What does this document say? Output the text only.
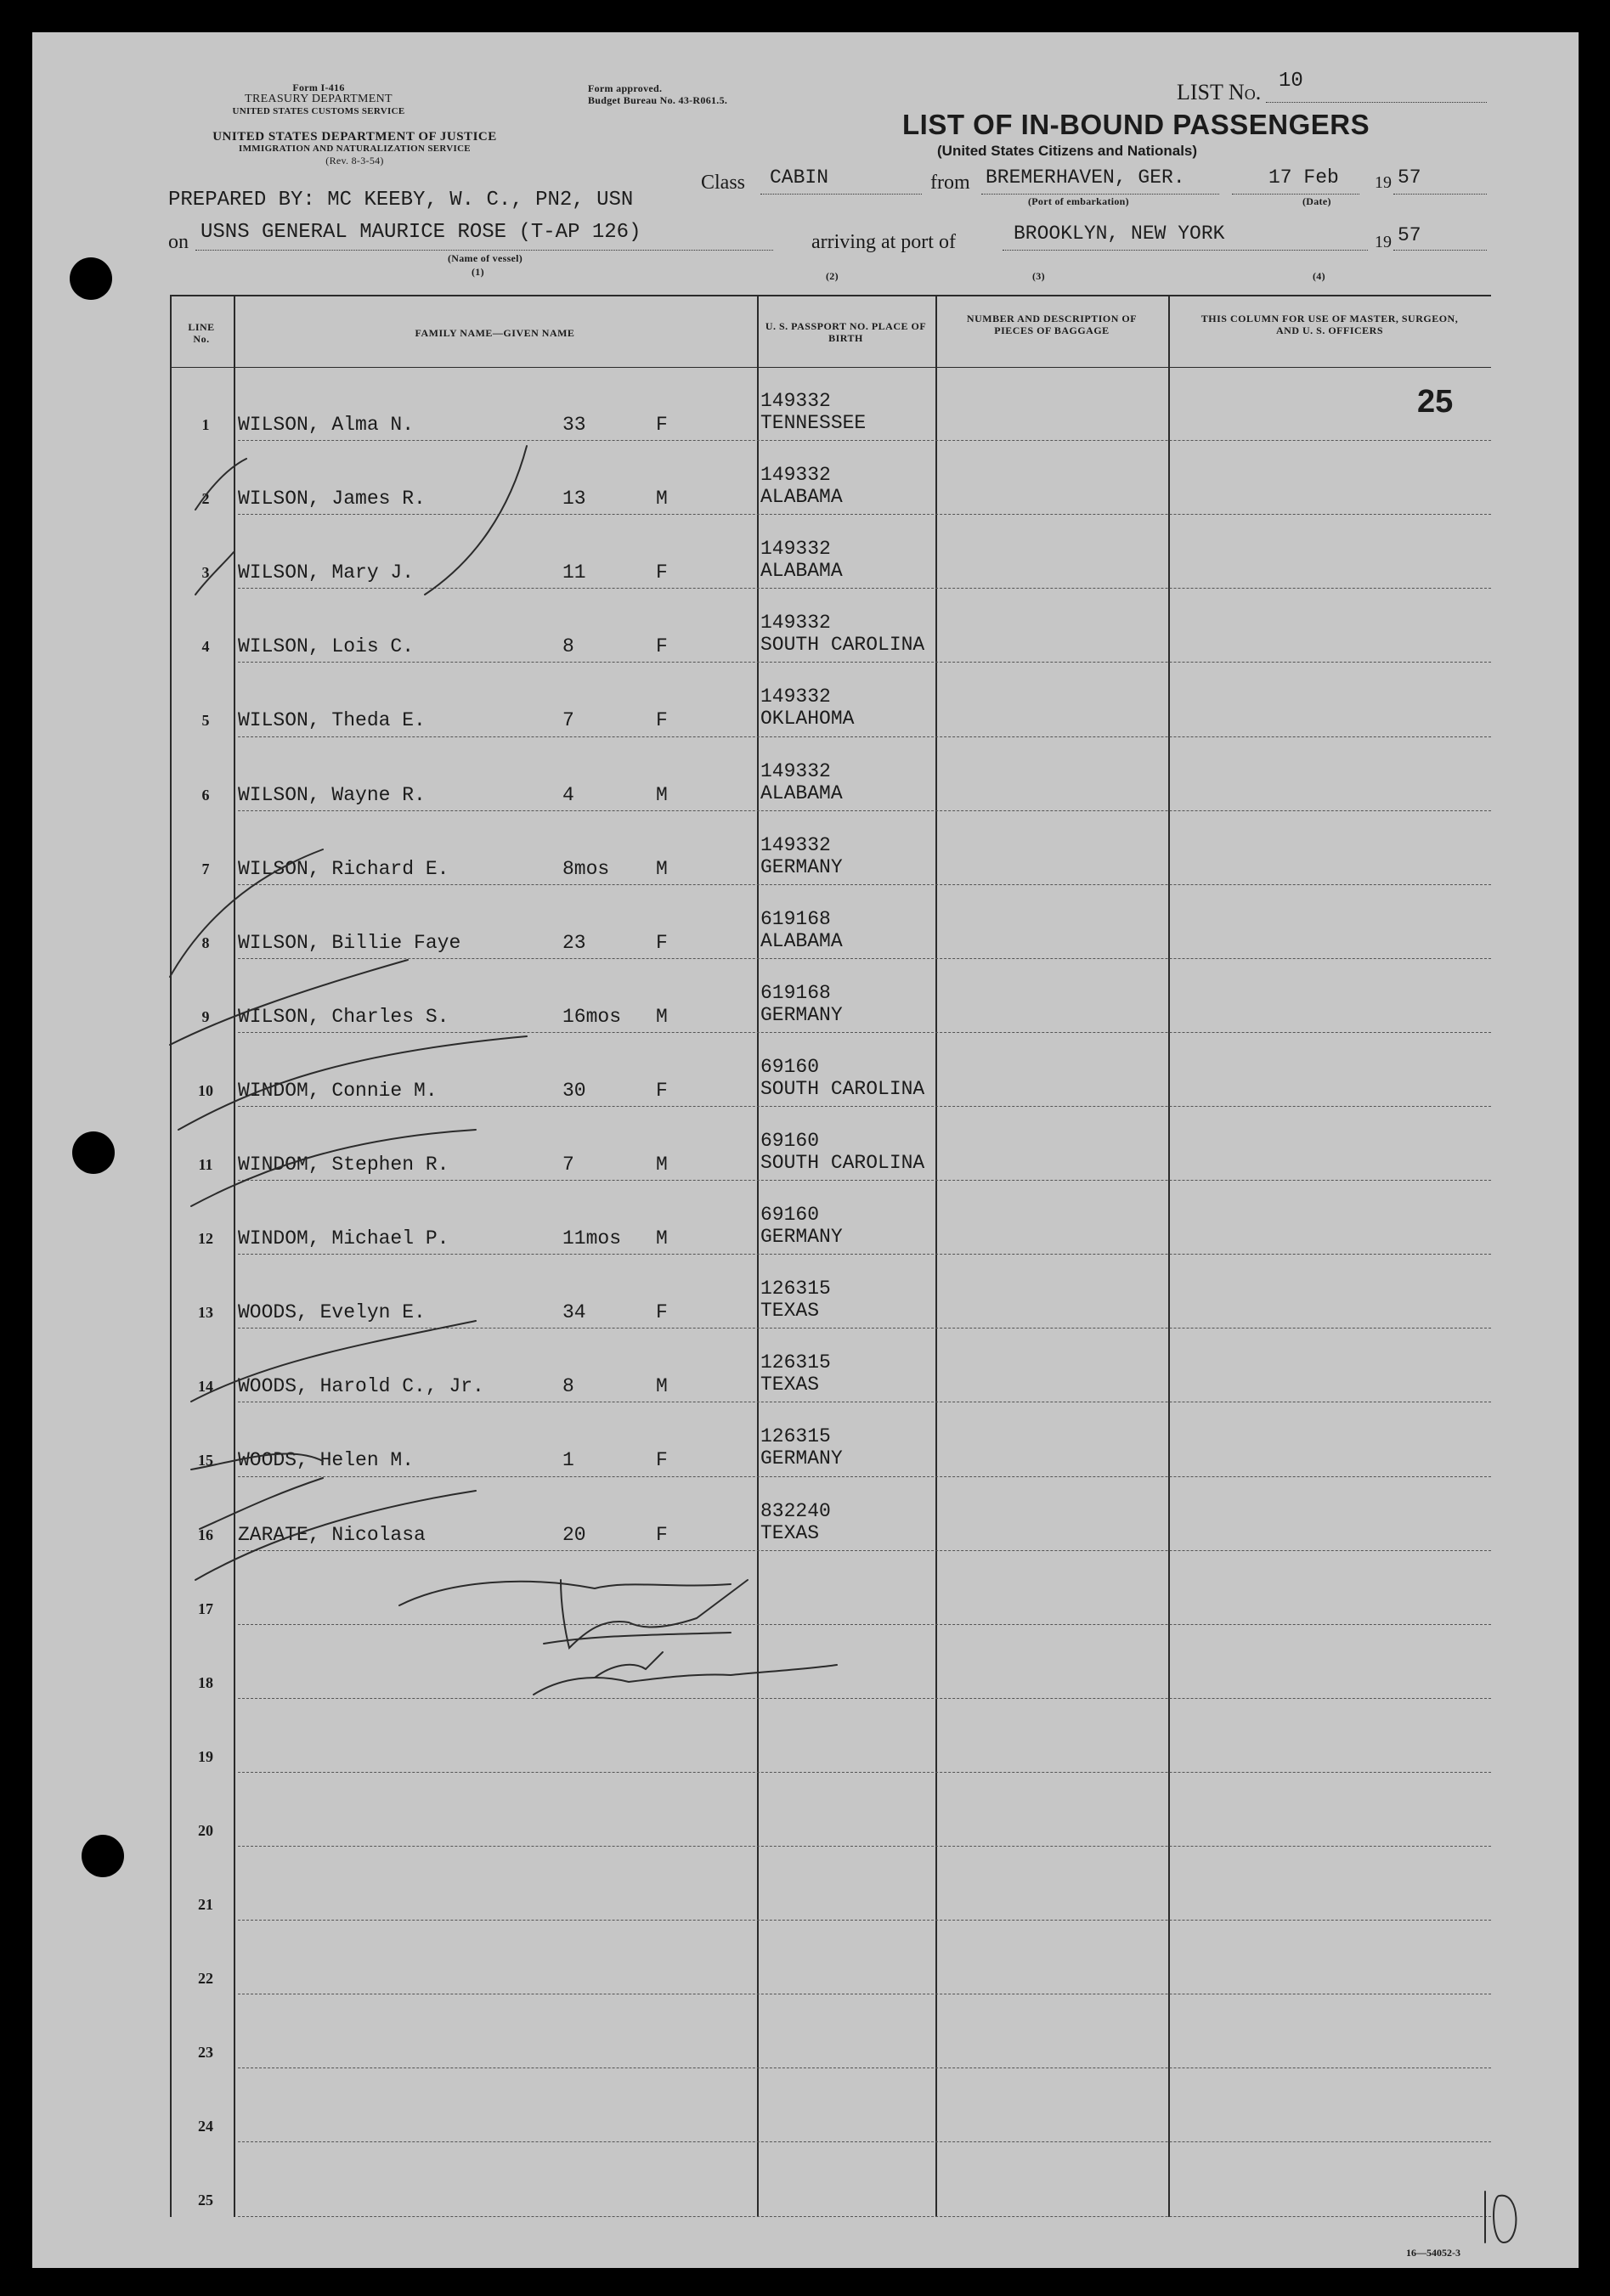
Form I-416
TREASURY DEPARTMENT
UNITED STATES CUSTOMS SERVICE
UNITED STATES DEPARTMENT OF JUSTICE
IMMIGRATION AND NATURALIZATION SERVICE
(Rev. 8-3-54)
Form approved.
Budget Bureau No. 43-R061.5.	LIST No. 10
LIST OF IN-BOUND PASSENGERS
(United States Citizens and Nationals)
PREPARED BY: MC KEEBY, W. C., PN2, USN
Class CABIN	from BREMERHAVEN, GER.
(Port of embarkation)
17 Feb
(Date)
19 57
on USNS GENERAL MAURICE ROSE (T-AP 126)
(Name of vessel)
arriving at port of	BROOKLYN, NEW YORK	19 57
(1)	(2)	(3)	(4)
LINE No.	FAMILY NAME—GIVEN NAME
U. S. PASSPORT NO. PLACE OF BIRTH
NUMBER AND DESCRIPTION OF PIECES OF BAGGAGE
THIS COLUMN FOR USE OF MASTER, SURGEON, AND U. S. OFFICERS
25
1	WILSON, Alma N.	33	F
149332
TENNESSEE
2	WILSON, James R.	13	M
149332
ALABAMA
3	WILSON, Mary J.	11	F
149332
ALABAMA
4	WILSON, Lois C.	8	F
149332
SOUTH CAROLINA
5	WILSON, Theda E.	7	F
149332
OKLAHOMA
6	WILSON, Wayne R.	4	M
149332
ALABAMA
7	WILSON, Richard E.	8mos M
149332
GERMANY
8	WILSON, Billie Faye	23	F
619168
ALABAMA
9	WILSON, Charles S.	16mos M
619168
GERMANY
10	WINDOM, Connie M.	30	F
69160
SOUTH CAROLINA
11	WINDOM, Stephen R.	7	M
69160
SOUTH CAROLINA
12	WINDOM, Michael P.	11mos M
69160
GERMANY
13	WOODS, Evelyn E.	34	F
126315
TEXAS
14	WOODS, Harold C., Jr.	8	M
126315
TEXAS
15	WOODS, Helen M.	1	F
126315
GERMANY
16	ZARATE, Nicolasa	20	F
832240
TEXAS
17
18
19
20
21
22
23
24
25
16—54052-3
